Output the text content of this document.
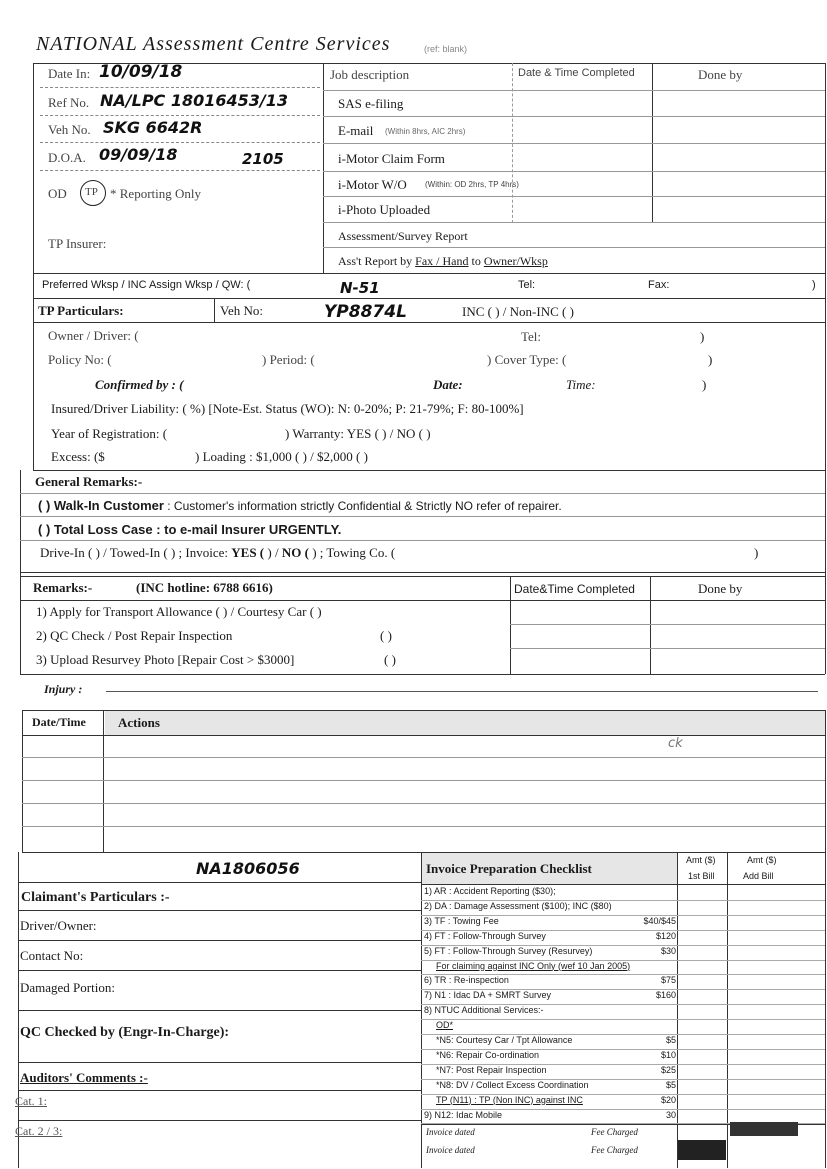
NATIONAL Assessment Centre Services	(ref: blank)
Date In: 10/09/18
Ref No. NA/LPC 18016453/13
Veh No. SKG 6642R
D.O.A. 09/09/18	2105
OD TP * Reporting Only
TP Insurer:
Job description	Date & Time Completed	Done by
SAS e-filing
E-mail (Within 8hrs, AIC 2hrs)
i-Motor Claim Form
i-Motor W/O (Within: OD 2hrs, TP 4hrs)
i-Photo Uploaded
Assessment/Survey Report
Ass't Report by Fax / Hand to Owner/Wksp
Preferred Wksp / INC Assign Wksp / QW: (	N-51	Tel:	Fax:	)
TP Particulars:	Veh No:	YP8874L	INC ( ) / Non-INC ( )
Owner / Driver: (	Tel:	)
Policy No: (	) Period: (	) Cover Type: (	)
Confirmed by : (	Date:	Time:	)
Insured/Driver Liability: ( %) [Note-Est. Status (WO): N: 0-20%; P: 21-79%; F: 80-100%]
Year of Registration: (	) Warranty: YES ( ) / NO ( )
Excess: ($	) Loading : $1,000 ( ) / $2,000 ( )
General Remarks:-
( ) Walk-In Customer : Customer's information strictly Confidential & Strictly NO refer of repairer.
( ) Total Loss Case : to e-mail Insurer URGENTLY.
Drive-In ( ) / Towed-In ( ) ; Invoice: YES ( ) / NO ( ) ; Towing Co. (	)
Remarks:-	(INC hotline: 6788 6616)	Date&Time Completed	Done by
1) Apply for Transport Allowance ( ) / Courtesy Car ( )
2) QC Check / Post Repair Inspection	( )
3) Upload Resurvey Photo [Repair Cost > $3000]	( )
Injury :
Date/Time Actions
ck
NA1806056
Claimant's Particulars :-
Driver/Owner:
Contact No:
Damaged Portion:
QC Checked by (Engr-In-Charge):
Auditors' Comments :-
Cat. 1:
Cat. 2 / 3:
Invoice Preparation Checklist
Amt ($)
1st Bill
Amt ($)
Add Bill
1) AR : Accident Reporting ($30);
2) DA : Damage Assessment ($100); INC ($80)
3) TF : Towing Fee	$40/$45
4) FT : Follow-Through Survey	$120
5) FT : Follow-Through Survey (Resurvey)	$30
For claiming against INC Only (wef 10 Jan 2005)
6) TR : Re-inspection	$75
7) N1 : Idac DA + SMRT Survey	$160
8) NTUC Additional Services:-
OD*
*N5: Courtesy Car / Tpt Allowance	$5
*N6: Repair Co-ordination	$10
*N7: Post Repair Inspection	$25
*N8: DV / Collect Excess Coordination	$5
TP (N11) : TP (Non INC) against INC	$20
9) N12: Idac Mobile	30
Invoice dated	Fee Charged
Invoice dated	Fee Charged
